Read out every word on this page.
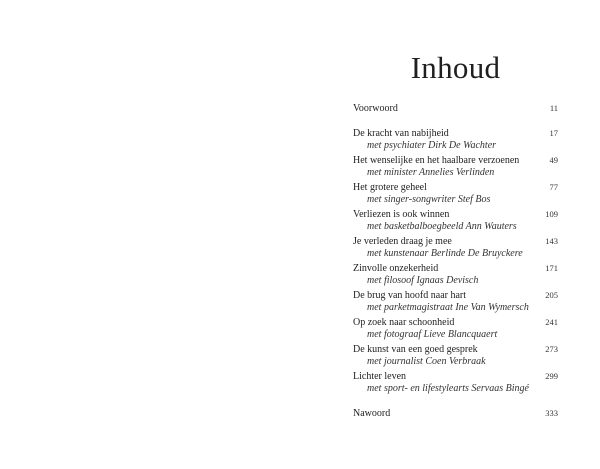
Inhoud
Voorwoord	11
De kracht van nabijheid
met psychiater Dirk De Wachter
17
Het wenselijke en het haalbare verzoenen
met minister Annelies Verlinden
49
Het grotere geheel
met singer-songwriter Stef Bos
77
Verliezen is ook winnen
met basketbalboegbeeld Ann Wauters
109
Je verleden draag je mee
met kunstenaar Berlinde De Bruyckere
143
Zinvolle onzekerheid
met filosoof Ignaas Devisch
171
De brug van hoofd naar hart
met parketmagistraat Ine Van Wymersch
205
Op zoek naar schoonheid
met fotograaf Lieve Blancquaert
241
De kunst van een goed gesprek
met journalist Coen Verbraak
273
Lichter leven
met sport- en lifestylearts Servaas Bingé
299
Nawoord	333
